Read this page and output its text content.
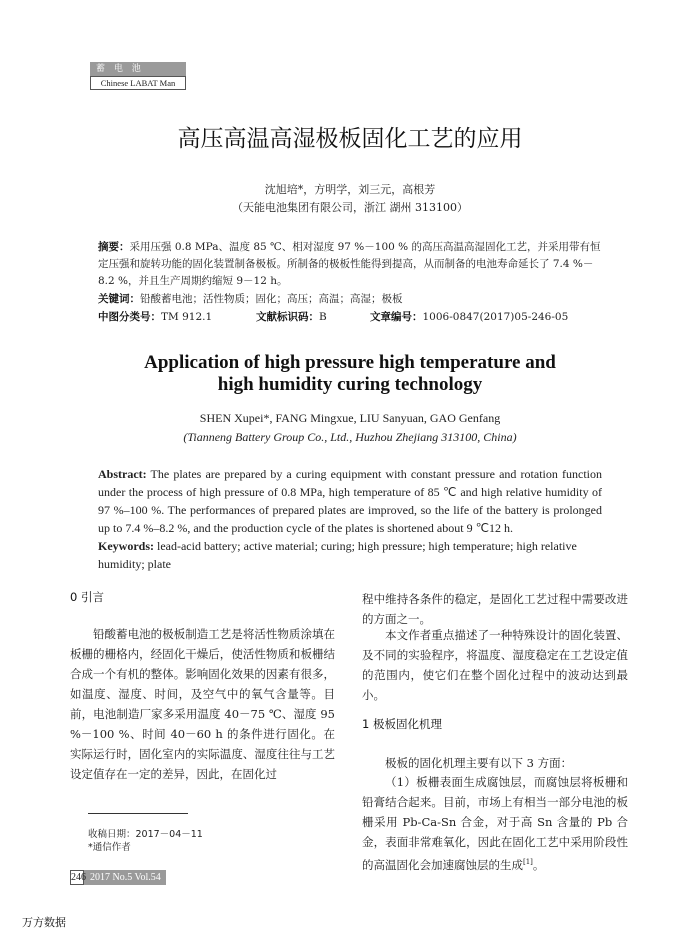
蓄 电 池
Chinese LABAT Man
高压高温高湿极板固化工艺的应用
沈旭培*，方明学，刘三元，高根芳
（天能电池集团有限公司，浙江 湖州 313100）
摘要：采用压强 0.8 MPa、温度 85 ℃、相对湿度 97 %－100 % 的高压高温高湿固化工艺，并采用带有恒定压强和旋转功能的固化装置制备极板。所制备的极板性能得到提高，从而制备的电池寿命延长了 7.4 %－8.2 %，并且生产周期约缩短 9－12 h。
关键词：铅酸蓄电池；活性物质；固化；高压；高温；高湿；极板
中图分类号：TM 912.1	文献标识码：B	文章编号：1006-0847(2017)05-246-05
Application of high pressure high temperature and
high humidity curing technology
SHEN Xupei*, FANG Mingxue, LIU Sanyuan, GAO Genfang
(Tianneng Battery Group Co., Ltd., Huzhou Zhejiang 313100, China)
Abstract: The plates are prepared by a curing equipment with constant pressure and rotation function under the process of high pressure of 0.8 MPa, high temperature of 85 ℃ and high relative humidity of 97 %–100 %. The performances of prepared plates are improved, so the life of the battery is prolonged up to 7.4 %–8.2 %, and the production cycle of the plates is shortened about 9 ℃12 h.
Keywords: lead-acid battery; active material; curing; high pressure; high temperature; high relative humidity; plate
0 引言
铅酸蓄电池的极板制造工艺是将活性物质涂填在板栅的栅格内，经固化干燥后，使活性物质和板栅结合成一个有机的整体。影响固化效果的因素有很多，如温度、湿度、时间，及空气中的氧气含量等。目前，电池制造厂家多采用温度 40－75 ℃、湿度 95 %－100 %、时间 40－60 h 的条件进行固化。在实际运行时，固化室内的实际温度、湿度往往与工艺设定值存在一定的差异，因此，在固化过
程中维持各条件的稳定，是固化工艺过程中需要改进的方面之一。
本文作者重点描述了一种特殊设计的固化装置、及不同的实验程序，将温度、湿度稳定在工艺设定值的范围内，使它们在整个固化过程中的波动达到最小。
1 极板固化机理
极板的固化机理主要有以下 3 方面：
（1）板栅表面生成腐蚀层，而腐蚀层将板栅和铅膏结合起来。目前，市场上有相当一部分电池的板栅采用 Pb-Ca-Sn 合金，对于高 Sn 含量的 Pb 合金，表面非常难氧化，因此在固化工艺中采用阶段性的高温固化会加速腐蚀层的生成[1]。
收稿日期：2017－04－11
*通信作者
246 2017 No.5 Vol.54
万方数据
